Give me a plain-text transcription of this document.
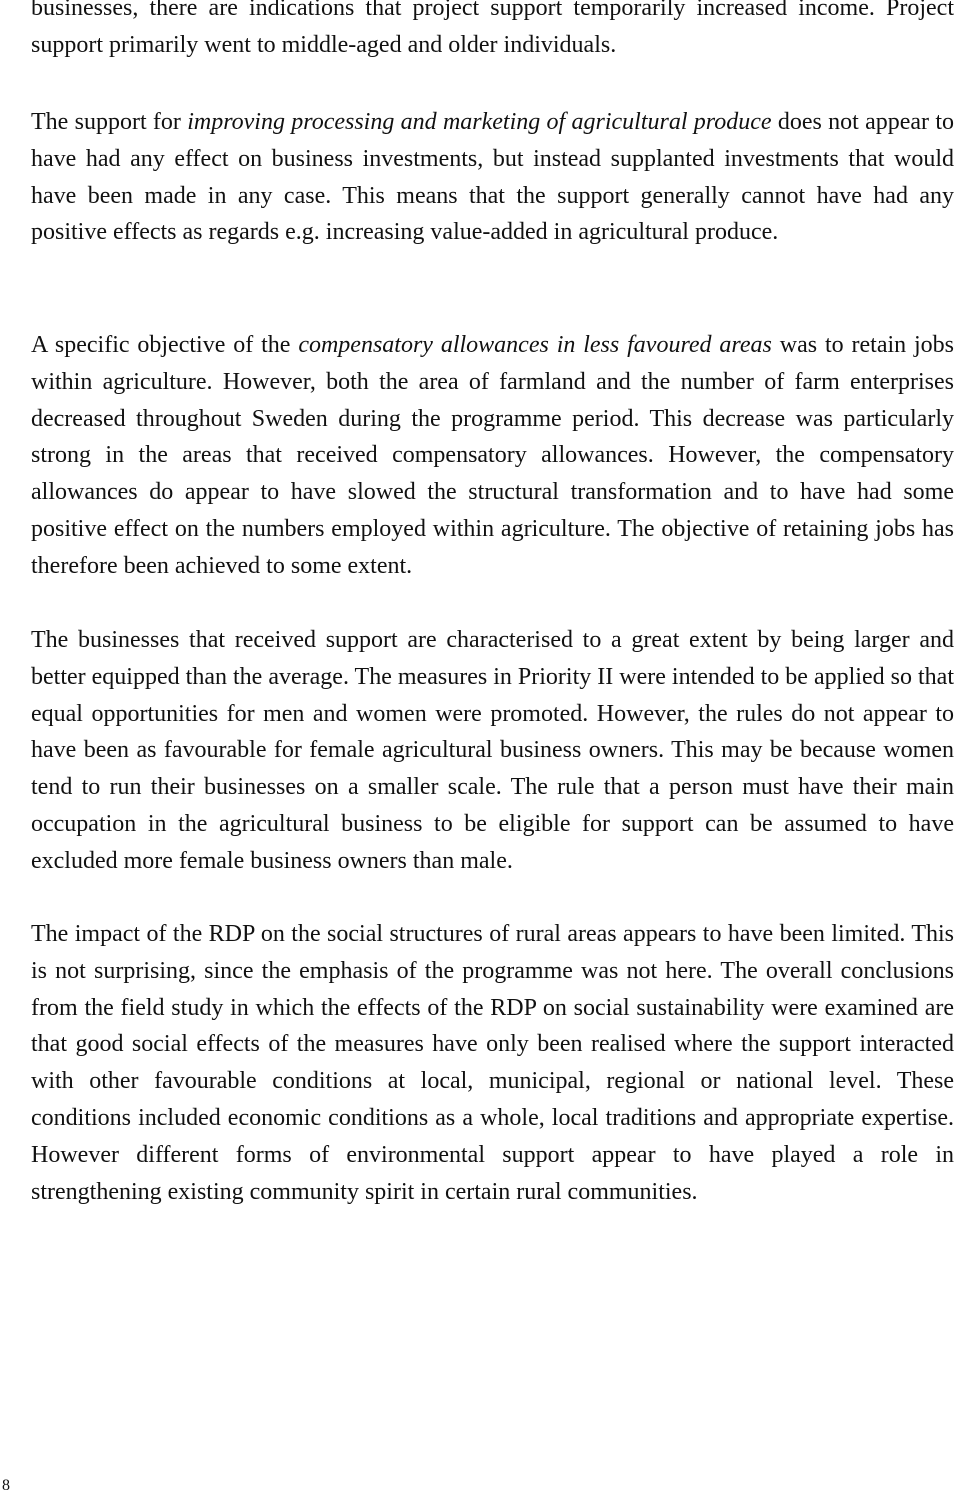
businesses, there are indications that project support temporarily increased income. Project support primarily went to middle-aged and older individuals.

The support for improving processing and marketing of agricultural produce does not appear to have had any effect on business investments, but instead supplanted investments that would have been made in any case. This means that the support generally cannot have had any positive effects as regards e.g. increasing value-added in agricultural produce.

A specific objective of the compensatory allowances in less favoured areas was to retain jobs within agriculture. However, both the area of farmland and the number of farm enterprises decreased throughout Sweden during the programme period. This decrease was particularly strong in the areas that received compensatory allowances. However, the compensatory allowances do appear to have slowed the structural transformation and to have had some positive effect on the numbers employed within agriculture. The objective of retaining jobs has therefore been achieved to some extent.

The businesses that received support are characterised to a great extent by being larger and better equipped than the average. The measures in Priority II were intended to be applied so that equal opportunities for men and women were promoted. However, the rules do not appear to have been as favourable for female agricultural business owners. This may be because women tend to run their businesses on a smaller scale. The rule that a person must have their main occupation in the agricultural business to be eligible for support can be assumed to have excluded more female business owners than male.

The impact of the RDP on the social structures of rural areas appears to have been limited. This is not surprising, since the emphasis of the programme was not here. The overall conclusions from the field study in which the effects of the RDP on social sustainability were examined are that good social effects of the measures have only been realised where the support interacted with other favourable conditions at local, municipal, regional or national level. These conditions included economic conditions as a whole, local traditions and appropriate expertise. However different forms of environmental support appear to have played a role in strengthening existing community spirit in certain rural communities.

8
